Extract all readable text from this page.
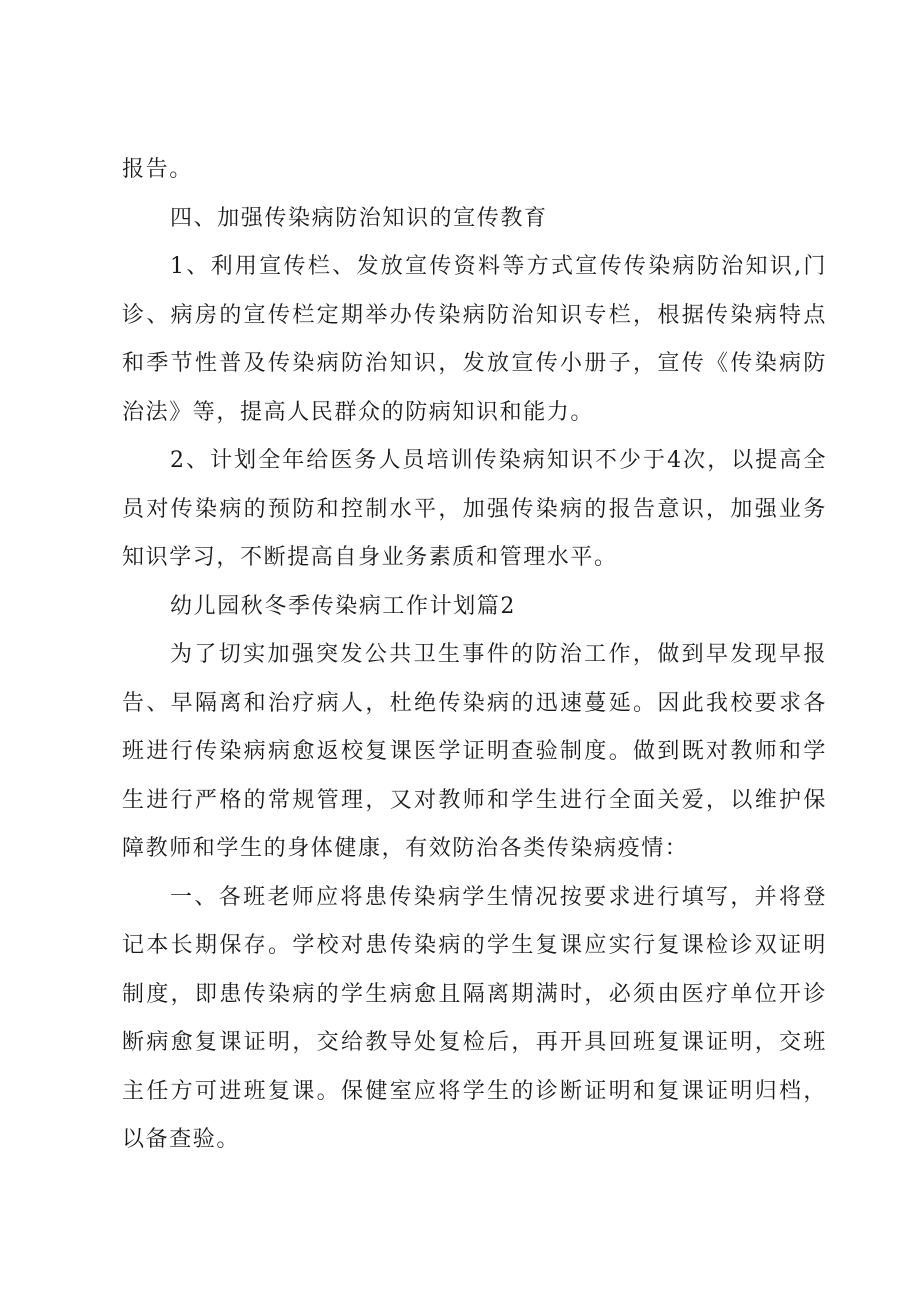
报告。

四、加强传染病防治知识的宣传教育

1、利用宣传栏、发放宣传资料等方式宣传传染病防治知识,门诊、病房的宣传栏定期举办传染病防治知识专栏，根据传染病特点和季节性普及传染病防治知识，发放宣传小册子，宣传《传染病防治法》等，提高人民群众的防病知识和能力。

2、计划全年给医务人员培训传染病知识不少于4次，以提高全员对传染病的预防和控制水平，加强传染病的报告意识，加强业务知识学习，不断提高自身业务素质和管理水平。

幼儿园秋冬季传染病工作计划篇2

为了切实加强突发公共卫生事件的防治工作，做到早发现早报告、早隔离和治疗病人，杜绝传染病的迅速蔓延。因此我校要求各班进行传染病病愈返校复课医学证明查验制度。做到既对教师和学生进行严格的常规管理，又对教师和学生进行全面关爱，以维护保障教师和学生的身体健康，有效防治各类传染病疫情：

一、各班老师应将患传染病学生情况按要求进行填写，并将登记本长期保存。学校对患传染病的学生复课应实行复课检诊双证明制度，即患传染病的学生病愈且隔离期满时，必须由医疗单位开诊断病愈复课证明，交给教导处复检后，再开具回班复课证明，交班主任方可进班复课。保健室应将学生的诊断证明和复课证明归档，以备查验。
